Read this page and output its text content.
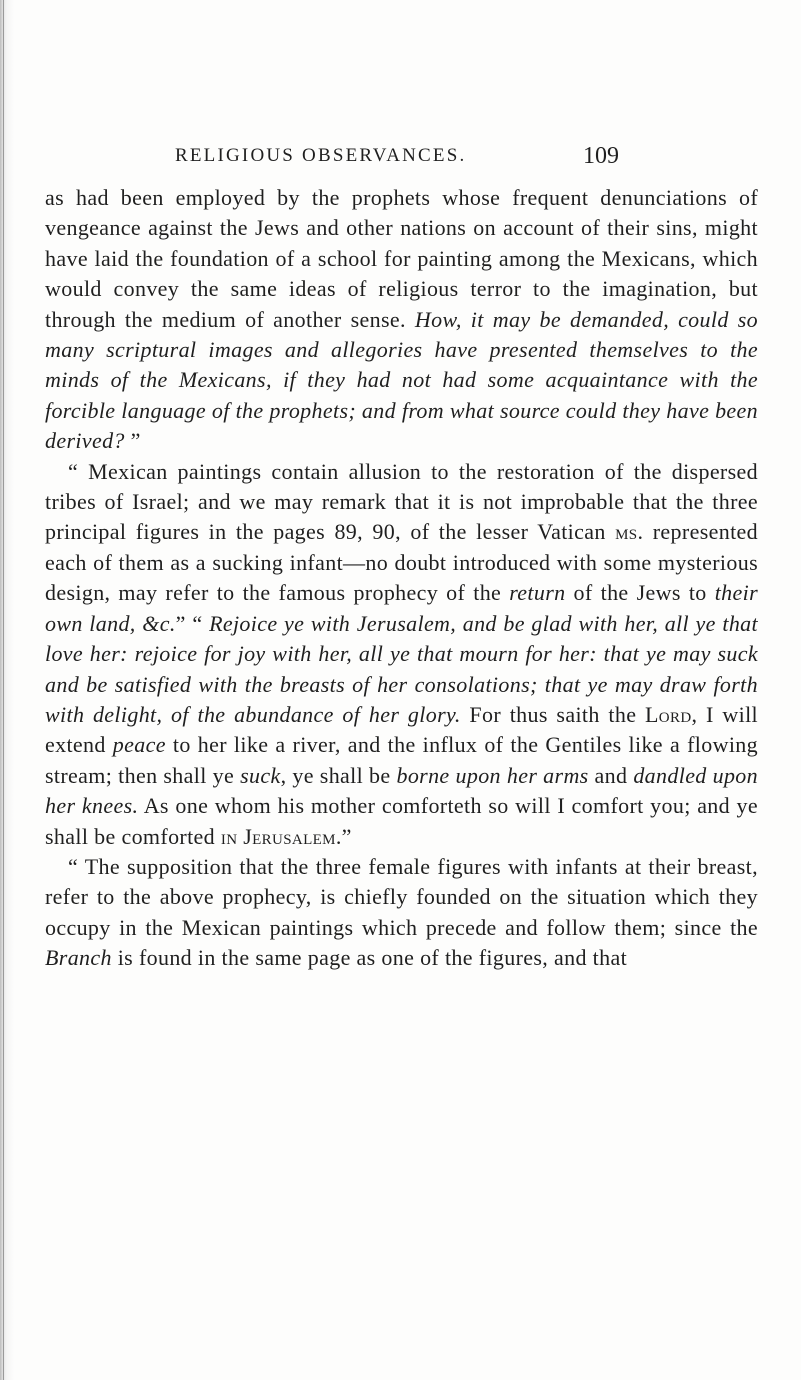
RELIGIOUS OBSERVANCES.	109

as had been employed by the prophets whose frequent denunciations of vengeance against the Jews and other nations on account of their sins, might have laid the foundation of a school for painting among the Mexicans, which would convey the same ideas of religious terror to the imagination, but through the medium of another sense. How, it may be demanded, could so many scriptural images and allegories have presented themselves to the minds of the Mexicans, if they had not had some acquaintance with the forcible language of the prophets; and from what source could they have been derived? ”

“ Mexican paintings contain allusion to the restoration of the dispersed tribes of Israel; and we may remark that it is not improbable that the three principal figures in the pages 89, 90, of the lesser Vatican ms. represented each of them as a sucking infant—no doubt introduced with some mysterious design, may refer to the famous prophecy of the return of the Jews to their own land, &c.” “ Rejoice ye with Jerusalem, and be glad with her, all ye that love her: rejoice for joy with her, all ye that mourn for her: that ye may suck and be satisfied with the breasts of her consolations; that ye may draw forth with delight, of the abundance of her glory. For thus saith the Lord, I will extend peace to her like a river, and the influx of the Gentiles like a flowing stream; then shall ye suck, ye shall be borne upon her arms and dandled upon her knees. As one whom his mother comforteth so will I comfort you; and ye shall be comforted in Jerusalem.”

“ The supposition that the three female figures with infants at their breast, refer to the above prophecy, is chiefly founded on the situation which they occupy in the Mexican paintings which precede and follow them; since the Branch is found in the same page as one of the figures, and that
